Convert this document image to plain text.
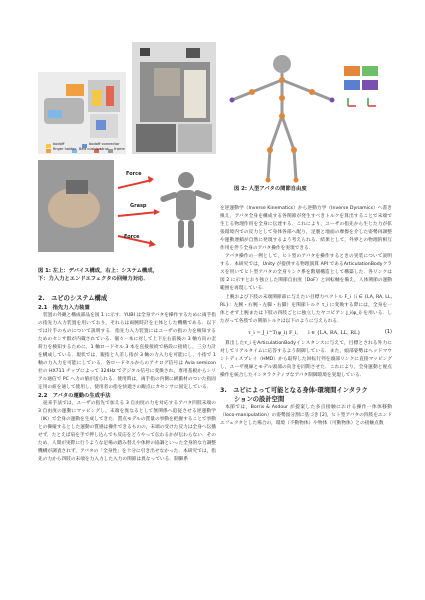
bodoff	bodoff connector
finger holder Belt cushion
strut frame
Force
Grasp
Force

図 2: 人型アバタの関節自由度

図 1: 左上：デバイス構成，右上：システム構成，

下：力入力とエンドエフェクタの回帰力対応．

2.　ユビのシステム構成

2.1　指先力入力装置

装置の外観と構成部品を図 1 に示す．YUBI は全身アバタを操作するために両手指の指先力入力装置を用いており，それらは両腕時計を主体とした機構である．以下では片手のものについて説明する．指先力入力装置にはユーザの指の力を検知するためのセンサ群が内蔵されている．個々一本に対して上下左右前後の 3 軸方向の歪荷力を検知するために，1 軸ロードセル 3 本を直接接続で格段に接続し，三分力計を構成している．現状では，親指と人差し指が 3 軸の力入力を可能にし，小指で 1 軸の力入力を可能にしている．各ロードセルからのアナログ信号は Avia semicon 社の HX711 チップによって 324Hz でデジタル信号に変換され，専用基板からシリアル通信で PC へ力の値が送られる．使用時は，両手指の内側に緩衝材のついた指固定用の紐を通して使用し，使用者の指を快適さの観点にカセンサに固定している．

2.2　アバタの運動の生成手法

従来手法では，ユーザの指先で加える 3 自由度の力を対応するアバタ四肢末端の 3 自由度の運動にマッピングし，末端を異なるとして無関係へ追従させる逆運動学（IK）で全身の運動を生成してきた．質点モデルの質量の挙動を把握することで挙動との操縦するとした運動の質感は操作できるものの，末端の受けた反力は全身へ伝播せず，たとえば肩を手で押し込んでも反応をどうやって伝わるかが伝わらない．そのため，人間が実際に行うような足場の踏み替えや体幹の協調といった全身的な力調整機構が調査されず，アバタの「全身性」を十分に引き出せなかった．本研究では，指先の力から四肢の末端を力入力した入力の関節は異なっている．制御系

を逆運動学（Inverse Kinematics）から逆動力学（Inverse Dynamics）へ書き換え，アバタ全身を構成する各関節が発生すべきトルクを算出することで末端で生じる物理作用を全身に伝達する．これにより，ユーザの指先から生じた力が拡張環境内での反力として身体各部へ配り，足裏と地面の摩擦を介した姿勢再調整や運動連鎖が自然に発現するよう考えられる．結果として，外界との物理的相互作用を伴う全身のアバタ操作を実現できる．

アバタ操作の一例として，ヒト型のアバタを操作するときの実装について説明する．本研究では，Unity が提供する物理演算 API であるArticulationBodyクラスを用いてヒト型アバタの全身リンク系を階層構造として構築した．各リンクは図 2 に示すとおり独立した関節自由度（DoF）と回転軸を備え，人体関節の運動範囲を再現している．

上腕および下肢の末端関節部に与えたい目標力ベクトル F_i（i ∈ {LA, RA, LL, RL}：左腕・右腕・左脚・右脚）を関節トルク τ_i に変換する際には，全身を一体とせず上腕または下肢の四肢ごとに独立したヤコビアン J_i(φ_i) を用いる．したがって各肢での関節トルクは以下のように与えられる．

τ_i = J_i^T(φ_i) F_i,　　i ∈ {LA, RA, LL, RL}	(1)

算出したτ_i をArticulationBodyインスタンスに与えて，目標とされる外力に対してリアルタイムに応答するよう制御している．また，頭部姿勢はヘッドマウントディスプレイ（HMD）から取得した回転行列を頭部リンクに直接マッピングし，ユーザ視線とモデル頭部の向きを同期させた．これにより，全身運動と視点操作を統合したインタラクティブなアバタ制御環境を実現している．

3.　ユビによって可能となる身体-環境間インタラク

ションの設計空間

本節では，Borris & Asdour が提案した多点接触における操作一体体移動（loco-manipulation）の姿勢図分割に基づき [2]，ヒト型アバタの四肢をエンドエフェクタとした場合の，環境（不動物体）や物体（可動物体）との接触点数
